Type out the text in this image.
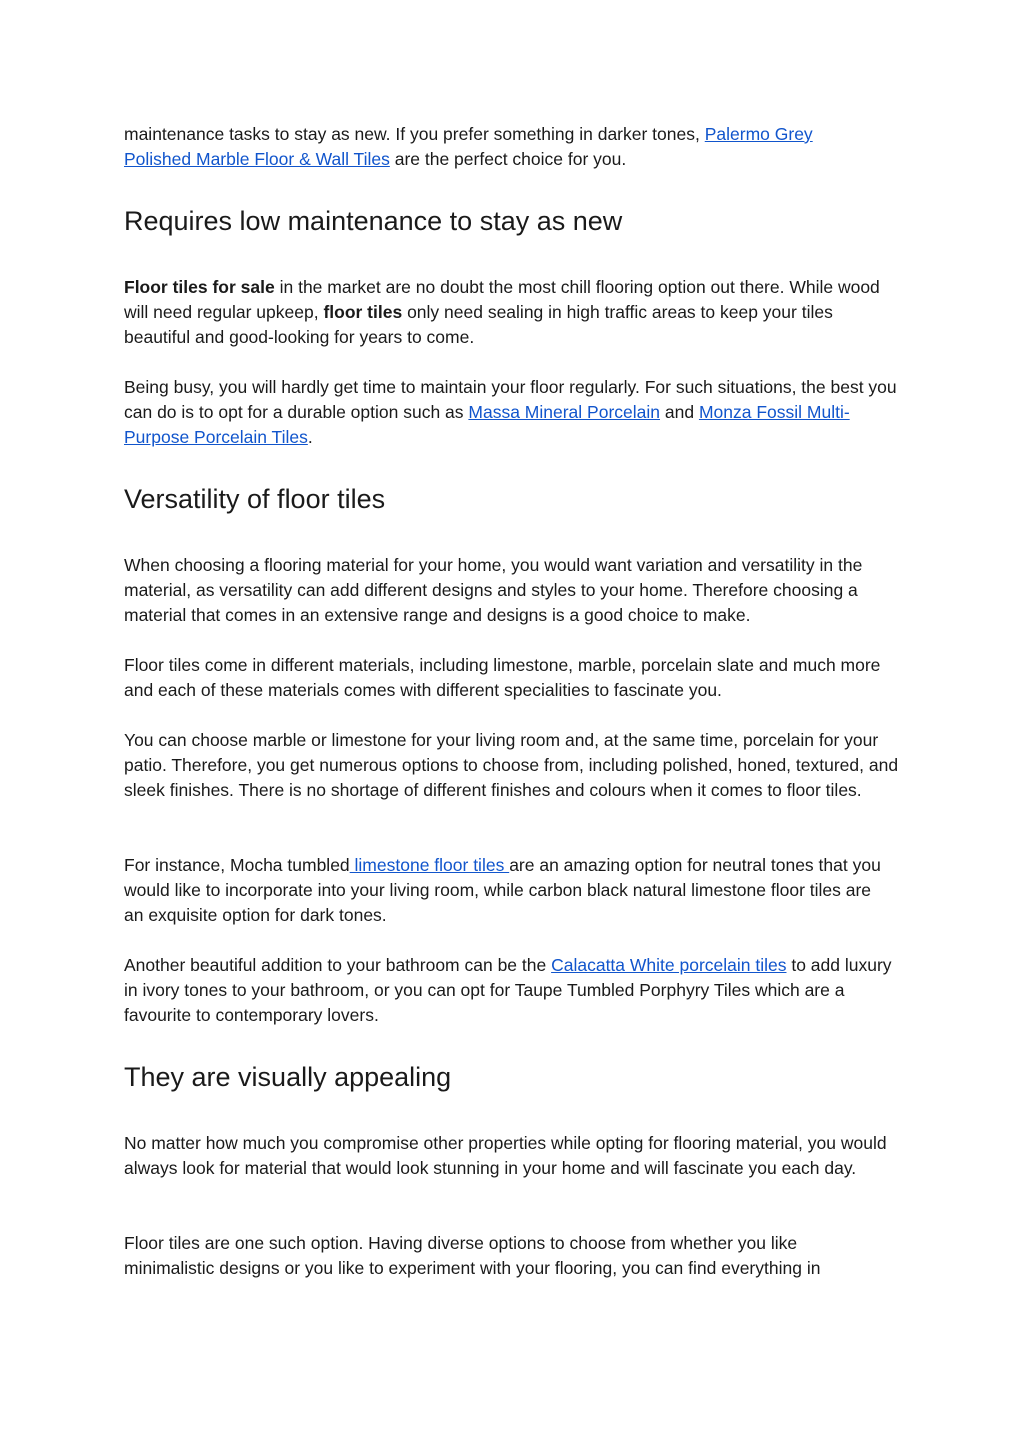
maintenance tasks to stay as new. If you prefer something in darker tones, Palermo Grey Polished Marble Floor & Wall Tiles are the perfect choice for you.

Requires low maintenance to stay as new

Floor tiles for sale in the market are no doubt the most chill flooring option out there. While wood will need regular upkeep, floor tiles only need sealing in high traffic areas to keep your tiles beautiful and good-looking for years to come.

Being busy, you will hardly get time to maintain your floor regularly. For such situations, the best you can do is to opt for a durable option such as Massa Mineral Porcelain and Monza Fossil Multi-Purpose Porcelain Tiles.

Versatility of floor tiles

When choosing a flooring material for your home, you would want variation and versatility in the material, as versatility can add different designs and styles to your home. Therefore choosing a material that comes in an extensive range and designs is a good choice to make.

Floor tiles come in different materials, including limestone, marble, porcelain slate and much more and each of these materials comes with different specialities to fascinate you.

You can choose marble or limestone for your living room and, at the same time, porcelain for your patio. Therefore, you get numerous options to choose from, including polished, honed, textured, and sleek finishes. There is no shortage of different finishes and colours when it comes to floor tiles.

For instance, Mocha tumbled limestone floor tiles are an amazing option for neutral tones that you would like to incorporate into your living room, while carbon black natural limestone floor tiles are an exquisite option for dark tones.

Another beautiful addition to your bathroom can be the Calacatta White porcelain tiles to add luxury in ivory tones to your bathroom, or you can opt for Taupe Tumbled Porphyry Tiles which are a favourite to contemporary lovers.

They are visually appealing

No matter how much you compromise other properties while opting for flooring material, you would always look for material that would look stunning in your home and will fascinate you each day.

Floor tiles are one such option. Having diverse options to choose from whether you like minimalistic designs or you like to experiment with your flooring, you can find everything in
